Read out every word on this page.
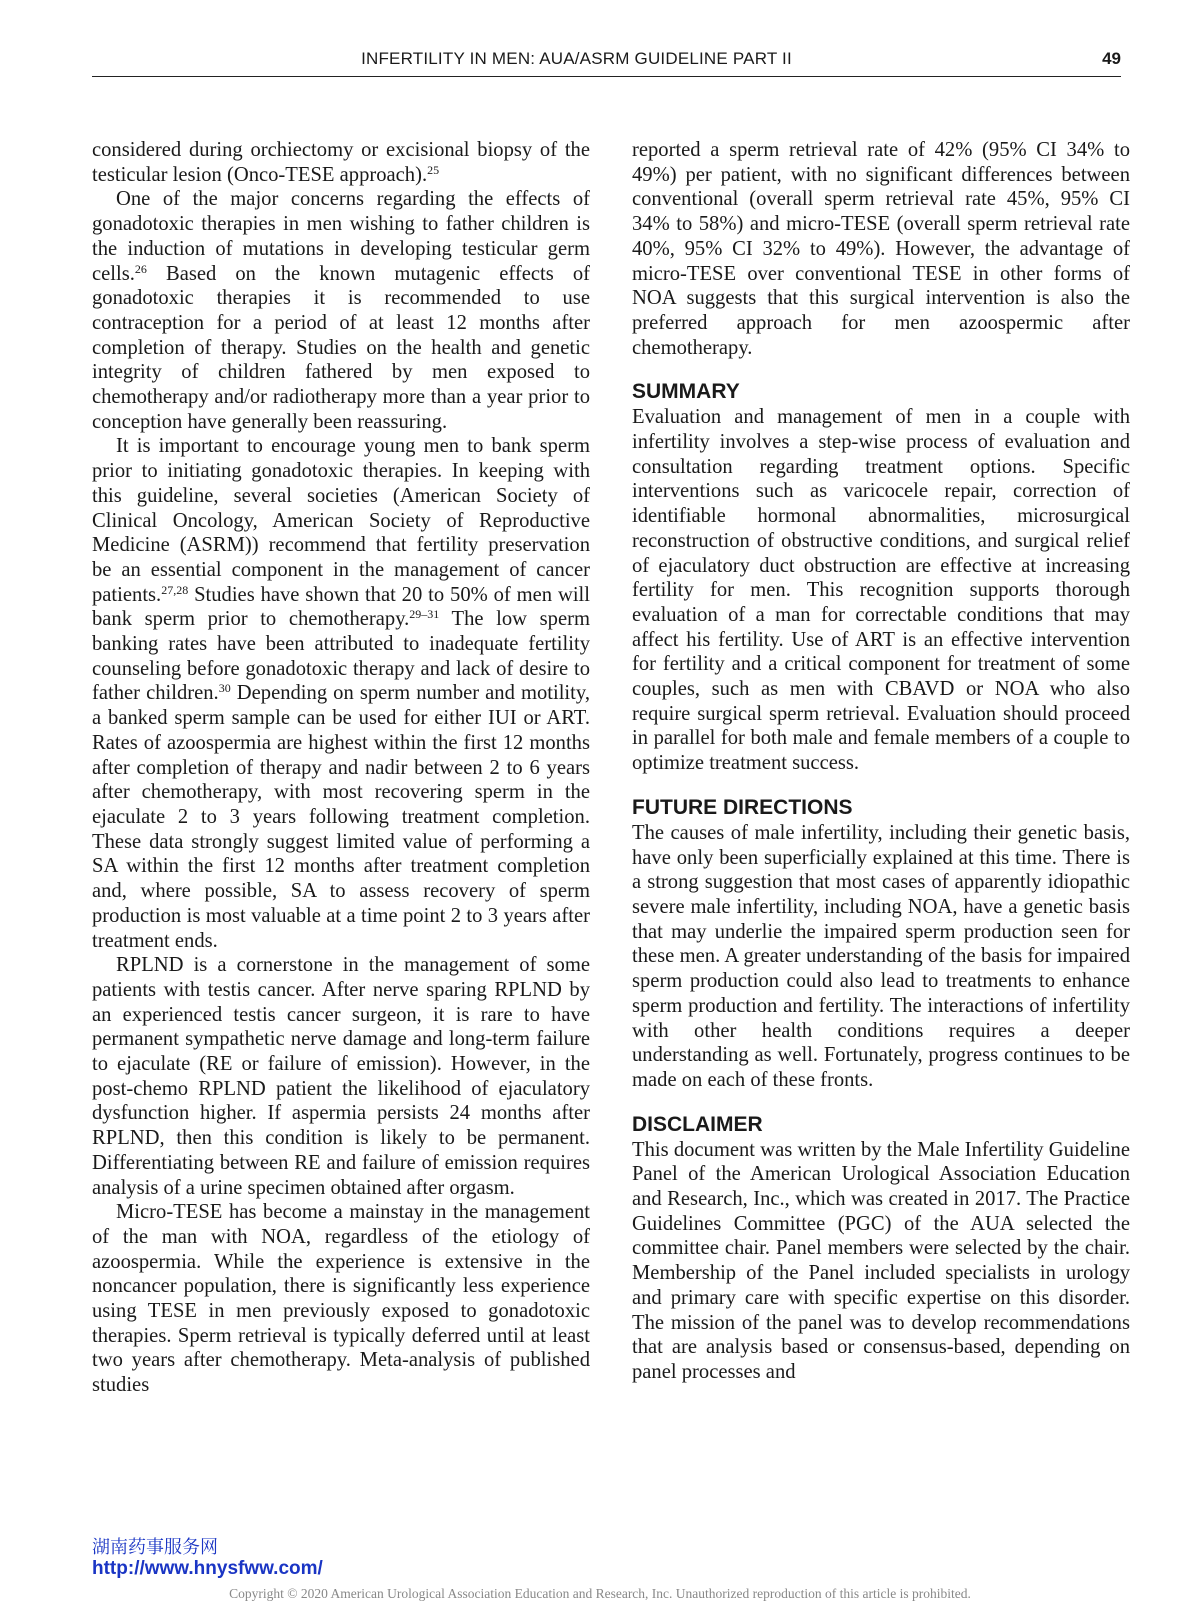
INFERTILITY IN MEN: AUA/ASRM GUIDELINE PART II	49

considered during orchiectomy or excisional biopsy of the testicular lesion (Onco-TESE approach).$^{25}$

One of the major concerns regarding the effects of gonadotoxic therapies in men wishing to father children is the induction of mutations in developing testicular germ cells.$^{26}$ Based on the known mutagenic effects of gonadotoxic therapies it is recommended to use contraception for a period of at least 12 months after completion of therapy. Studies on the health and genetic integrity of children fathered by men exposed to chemotherapy and/or radiotherapy more than a year prior to conception have generally been reassuring.

It is important to encourage young men to bank sperm prior to initiating gonadotoxic therapies. In keeping with this guideline, several societies (American Society of Clinical Oncology, American Society of Reproductive Medicine (ASRM)) recommend that fertility preservation be an essential component in the management of cancer patients.$^{27,28}$ Studies have shown that 20 to 50% of men will bank sperm prior to chemotherapy.$^{29-31}$ The low sperm banking rates have been attributed to inadequate fertility counseling before gonadotoxic therapy and lack of desire to father children.$^{30}$ Depending on sperm number and motility, a banked sperm sample can be used for either IUI or ART. Rates of azoospermia are highest within the first 12 months after completion of therapy and nadir between 2 to 6 years after chemotherapy, with most recovering sperm in the ejaculate 2 to 3 years following treatment completion. These data strongly suggest limited value of performing a SA within the first 12 months after treatment completion and, where possible, SA to assess recovery of sperm production is most valuable at a time point 2 to 3 years after treatment ends.

RPLND is a cornerstone in the management of some patients with testis cancer. After nerve sparing RPLND by an experienced testis cancer surgeon, it is rare to have permanent sympathetic nerve damage and long-term failure to ejaculate (RE or failure of emission). However, in the post-chemo RPLND patient the likelihood of ejaculatory dysfunction higher. If aspermia persists 24 months after RPLND, then this condition is likely to be permanent. Differentiating between RE and failure of emission requires analysis of a urine specimen obtained after orgasm.

Micro-TESE has become a mainstay in the management of the man with NOA, regardless of the etiology of azoospermia. While the experience is extensive in the noncancer population, there is significantly less experience using TESE in men previously exposed to gonadotoxic therapies. Sperm retrieval is typically deferred until at least two years after chemotherapy. Meta-analysis of published studies

reported a sperm retrieval rate of 42% (95% CI 34% to 49%) per patient, with no significant differences between conventional (overall sperm retrieval rate 45%, 95% CI 34% to 58%) and micro-TESE (overall sperm retrieval rate 40%, 95% CI 32% to 49%). However, the advantage of micro-TESE over conventional TESE in other forms of NOA suggests that this surgical intervention is also the preferred approach for men azoospermic after chemotherapy.

SUMMARY

Evaluation and management of men in a couple with infertility involves a step-wise process of evaluation and consultation regarding treatment options. Specific interventions such as varicocele repair, correction of identifiable hormonal abnormalities, microsurgical reconstruction of obstructive conditions, and surgical relief of ejaculatory duct obstruction are effective at increasing fertility for men. This recognition supports thorough evaluation of a man for correctable conditions that may affect his fertility. Use of ART is an effective intervention for fertility and a critical component for treatment of some couples, such as men with CBAVD or NOA who also require surgical sperm retrieval. Evaluation should proceed in parallel for both male and female members of a couple to optimize treatment success.

FUTURE DIRECTIONS

The causes of male infertility, including their genetic basis, have only been superficially explained at this time. There is a strong suggestion that most cases of apparently idiopathic severe male infertility, including NOA, have a genetic basis that may underlie the impaired sperm production seen for these men. A greater understanding of the basis for impaired sperm production could also lead to treatments to enhance sperm production and fertility. The interactions of infertility with other health conditions requires a deeper understanding as well. Fortunately, progress continues to be made on each of these fronts.

DISCLAIMER

This document was written by the Male Infertility Guideline Panel of the American Urological Association Education and Research, Inc., which was created in 2017. The Practice Guidelines Committee (PGC) of the AUA selected the committee chair. Panel members were selected by the chair. Membership of the Panel included specialists in urology and primary care with specific expertise on this disorder. The mission of the panel was to develop recommendations that are analysis based or consensus-based, depending on panel processes and

湖南药事服务网
http://www.hnysfww.com/
Copyright © 2020 American Urological Association Education and Research, Inc. Unauthorized reproduction of this article is prohibited.
